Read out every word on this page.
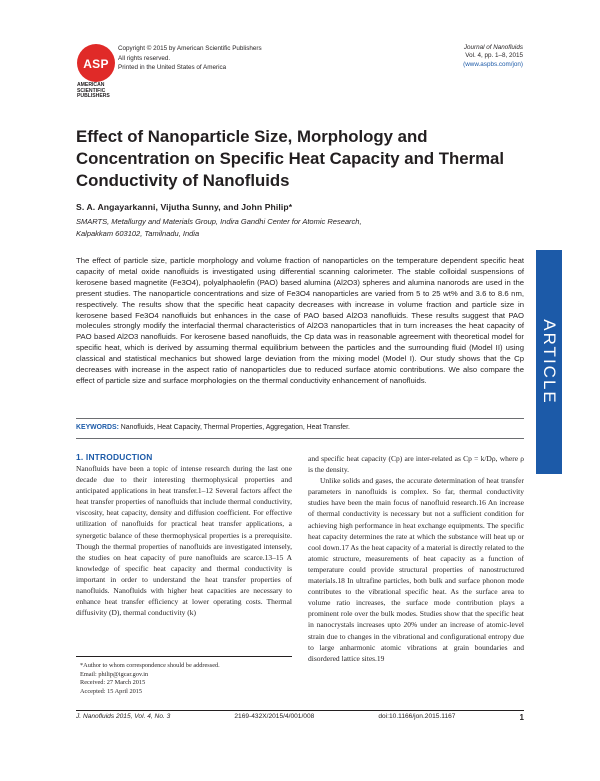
ASP
AMERICAN
SCIENTIFIC
PUBLISHERS
Copyright © 2015 by American Scientific Publishers
All rights reserved.
Printed in the United States of America
Journal of Nanofluids
Vol. 4, pp. 1–8, 2015
(www.aspbs.com/jon)
Effect of Nanoparticle Size, Morphology and Concentration on Specific Heat Capacity and Thermal Conductivity of Nanofluids
S. A. Angayarkanni, Vijutha Sunny, and John Philip*
SMARTS, Metallurgy and Materials Group, Indira Gandhi Center for Atomic Research,
Kalpakkam 603102, Tamilnadu, India
The effect of particle size, particle morphology and volume fraction of nanoparticles on the temperature dependent specific heat capacity of metal oxide nanofluids is investigated using differential scanning calorimeter. The stable colloidal suspensions of kerosene based magnetite (Fe3O4), polyalphaolefin (PAO) based alumina (Al2O3) spheres and alumina nanorods are used in the present studies. The nanoparticle concentrations and size of Fe3O4 nanoparticles are varied from 5 to 25 wt% and 3.6 to 8.6 nm, respectively. The results show that the specific heat capacity decreases with increase in volume fraction and particle size in kerosene based Fe3O4 nanofluids but enhances in the case of PAO based Al2O3 nanofluids. These results suggest that PAO molecules strongly modify the interfacial thermal characteristics of Al2O3 nanoparticles that in turn increases the heat capacity of PAO based Al2O3 nanofluids. For kerosene based nanofluids, the Cp data was in reasonable agreement with theoretical model for specific heat, which is derived by assuming thermal equilibrium between the particles and the surrounding fluid (Model II) using classical and statistical mechanics but showed large deviation from the mixing model (Model I). Our study shows that the Cp decreases with increase in the aspect ratio of nanoparticles due to reduced surface atomic contributions. We also compare the effect of particle size and surface morphologies on the thermal conductivity enhancement of nanofluids.
KEYWORDS: Nanofluids, Heat Capacity, Thermal Properties, Aggregation, Heat Transfer.
ARTICLE
1. INTRODUCTION
Nanofluids have been a topic of intense research during the last one decade due to their interesting thermophysical properties and anticipated applications in heat transfer.1–12 Several factors affect the heat transfer properties of nanofluids that include thermal conductivity, viscosity, heat capacity, density and diffusion coefficient. For effective utilization of nanofluids for practical heat transfer applications, a synergetic balance of these thermophysical properties is a prerequisite. Though the thermal properties of nanofluids are investigated intensely, the studies on heat capacity of pure nanofluids are scarce.13–15 A knowledge of specific heat capacity and thermal conductivity is important in order to understand the heat transfer properties of nanofluids. Nanofluids with higher heat capacities are necessary to enhance heat transfer efficiency at lower operating costs. Thermal diffusivity (D), thermal conductivity (k)
and specific heat capacity (Cp) are inter-related as Cp = k/Dρ, where ρ is the density.
Unlike solids and gases, the accurate determination of heat transfer parameters in nanofluids is complex. So far, thermal conductivity studies have been the main focus of nanofluid research.16 An increase of thermal conductivity is necessary but not a sufficient condition for achieving high performance in heat exchange equipments. The specific heat capacity determines the rate at which the substance will heat up or cool down.17 As the heat capacity of a material is directly related to the atomic structure, measurements of heat capacity as a function of temperature could provide structural properties of nanostructured materials.18 In ultrafine particles, both bulk and surface phonon mode contributes to the vibrational specific heat. As the surface area to volume ratio increases, the surface mode contribution plays a prominent role over the bulk modes. Studies show that the specific heat in nanocrystals increases upto 20% under an increase of atomic-level strain due to changes in the vibrational and configurational entropy due to large anharmonic atomic vibrations at grain boundaries and disordered lattice sites.19
*Author to whom correspondence should be addressed.
Email: philip@igcar.gov.in
Received: 27 March 2015
Accepted: 15 April 2015
J. Nanofluids 2015, Vol. 4, No. 3	2169-432X/2015/4/001/008	doi:10.1166/jon.2015.1167	1
